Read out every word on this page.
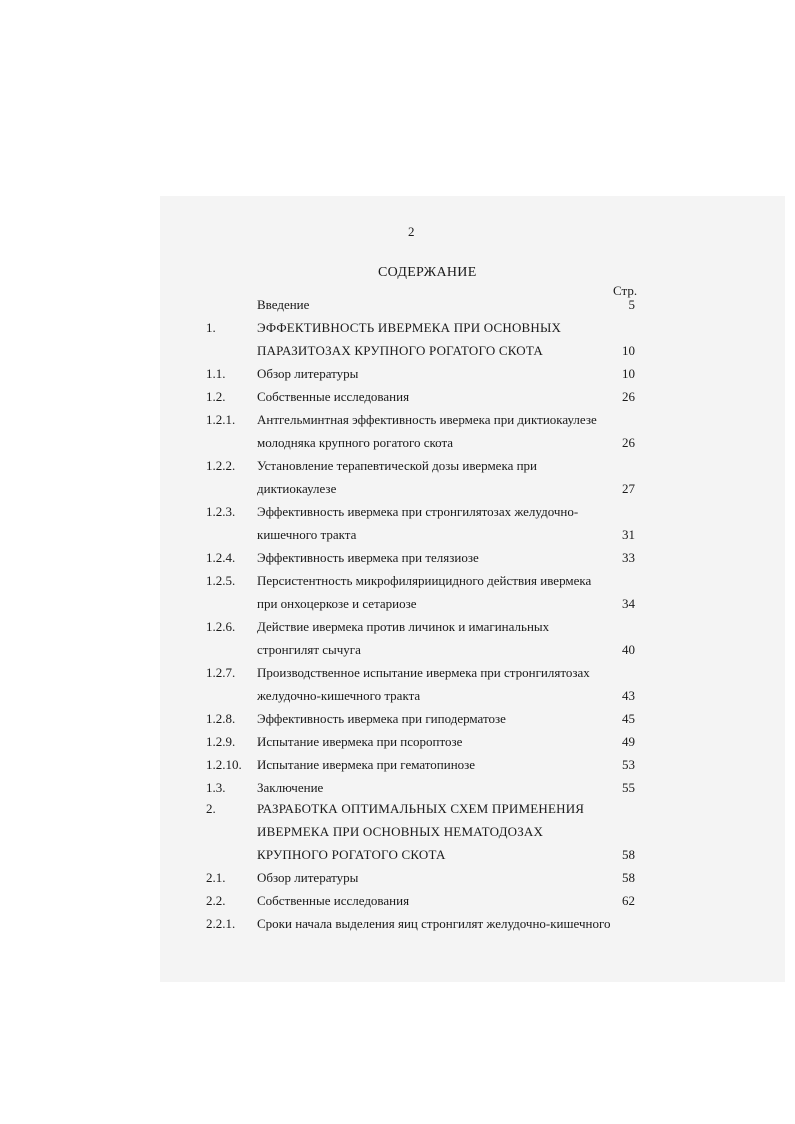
2
СОДЕРЖАНИЕ
Стр.
Введение	5
1.	ЭФФЕКТИВНОСТЬ ИВЕРМЕКА ПРИ ОСНОВНЫХ
ПАРАЗИТОЗАХ КРУПНОГО РОГАТОГО СКОТА	10
1.1. Обзор литературы	10
1.2. Собственные исследования	26
1.2.1. Антгельминтная эффективность ивермека при диктиокаулезе
молодняка крупного рогатого скота	26
1.2.2. Установление терапевтической дозы ивермека при
диктиокаулезе	27
1.2.3. Эффективность ивермека при стронгилятозах желудочно-
кишечного тракта	31
1.2.4. Эффективность ивермека при телязиозе	33
1.2.5. Персистентность микрофиляриицидного действия ивермека
при онхоцеркозе и сетариозе	34
1.2.6. Действие ивермека против личинок и имагинальных
стронгилят сычуга	40
1.2.7. Производственное испытание ивермека при стронгилятозах
желудочно-кишечного тракта	43
1.2.8. Эффективность ивермека при гиподерматозе	45
1.2.9. Испытание ивермека при псороптозе	49
1.2.10. Испытание ивермека при гематопинозе	53
1.3. Заключение	55
2.	РАЗРАБОТКА ОПТИМАЛЬНЫХ СХЕМ ПРИМЕНЕНИЯ
ИВЕРМЕКА ПРИ ОСНОВНЫХ НЕМАТОДОЗАХ
КРУПНОГО РОГАТОГО СКОТА	58
2.1. Обзор литературы	58
2.2. Собственные исследования	62
2.2.1. Сроки начала выделения яиц стронгилят желудочно-кишечного
